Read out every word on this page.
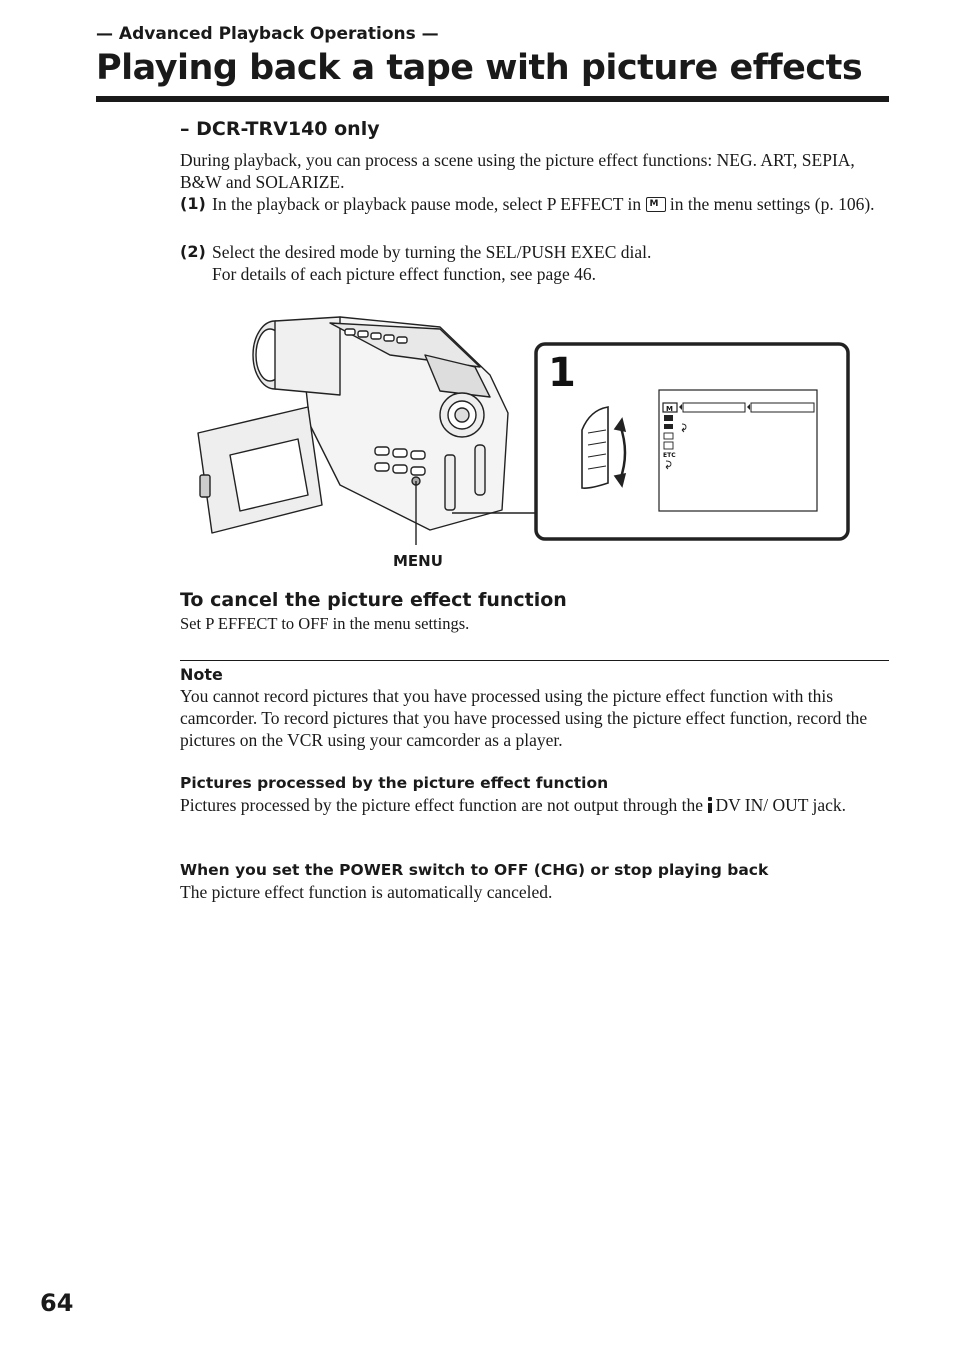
— Advanced Playback Operations —
Playing back a tape with picture effects
– DCR-TRV140 only
During playback, you can process a scene using the picture effect functions: NEG. ART, SEPIA, B&W and SOLARIZE.
(1) In the playback or playback pause mode, select P EFFECT in M in the menu settings (p. 106).
(2) Select the desired mode by turning the SEL/PUSH EXEC dial.
For details of each picture effect function, see page 46.
1
M
ETC
MENU
To cancel the picture effect function
Set P EFFECT to OFF in the menu settings.
Note
You cannot record pictures that you have processed using the picture effect function with this camcorder. To record pictures that you have processed using the picture effect function, record the pictures on the VCR using your camcorder as a player.
Pictures processed by the picture effect function
Pictures processed by the picture effect function are not output through the DV IN/ OUT jack.
When you set the POWER switch to OFF (CHG) or stop playing back
The picture effect function is automatically canceled.
64
